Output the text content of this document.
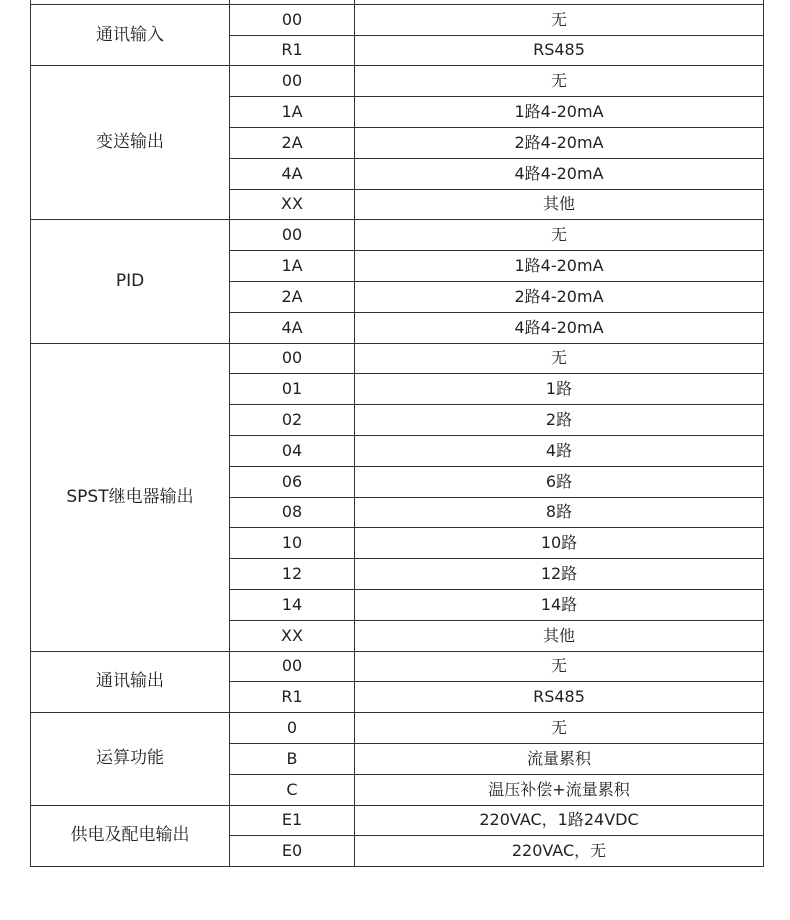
通讯输入	00	无
	R1	RS485
变送输出	00	无
	1A	1路4-20mA
	2A	2路4-20mA
	4A	4路4-20mA
	XX	其他
PID	00	无
	1A	1路4-20mA
	2A	2路4-20mA
	4A	4路4-20mA
SPST继电器输出	00	无
	01	1路
	02	2路
	04	4路
	06	6路
	08	8路
	10	10路
	12	12路
	14	14路
	XX	其他
通讯输出	00	无
	R1	RS485
运算功能	0	无
	B	流量累积
	C	温压补偿+流量累积
供电及配电输出	E1	220VAC，1路24VDC
	E0	220VAC，无
